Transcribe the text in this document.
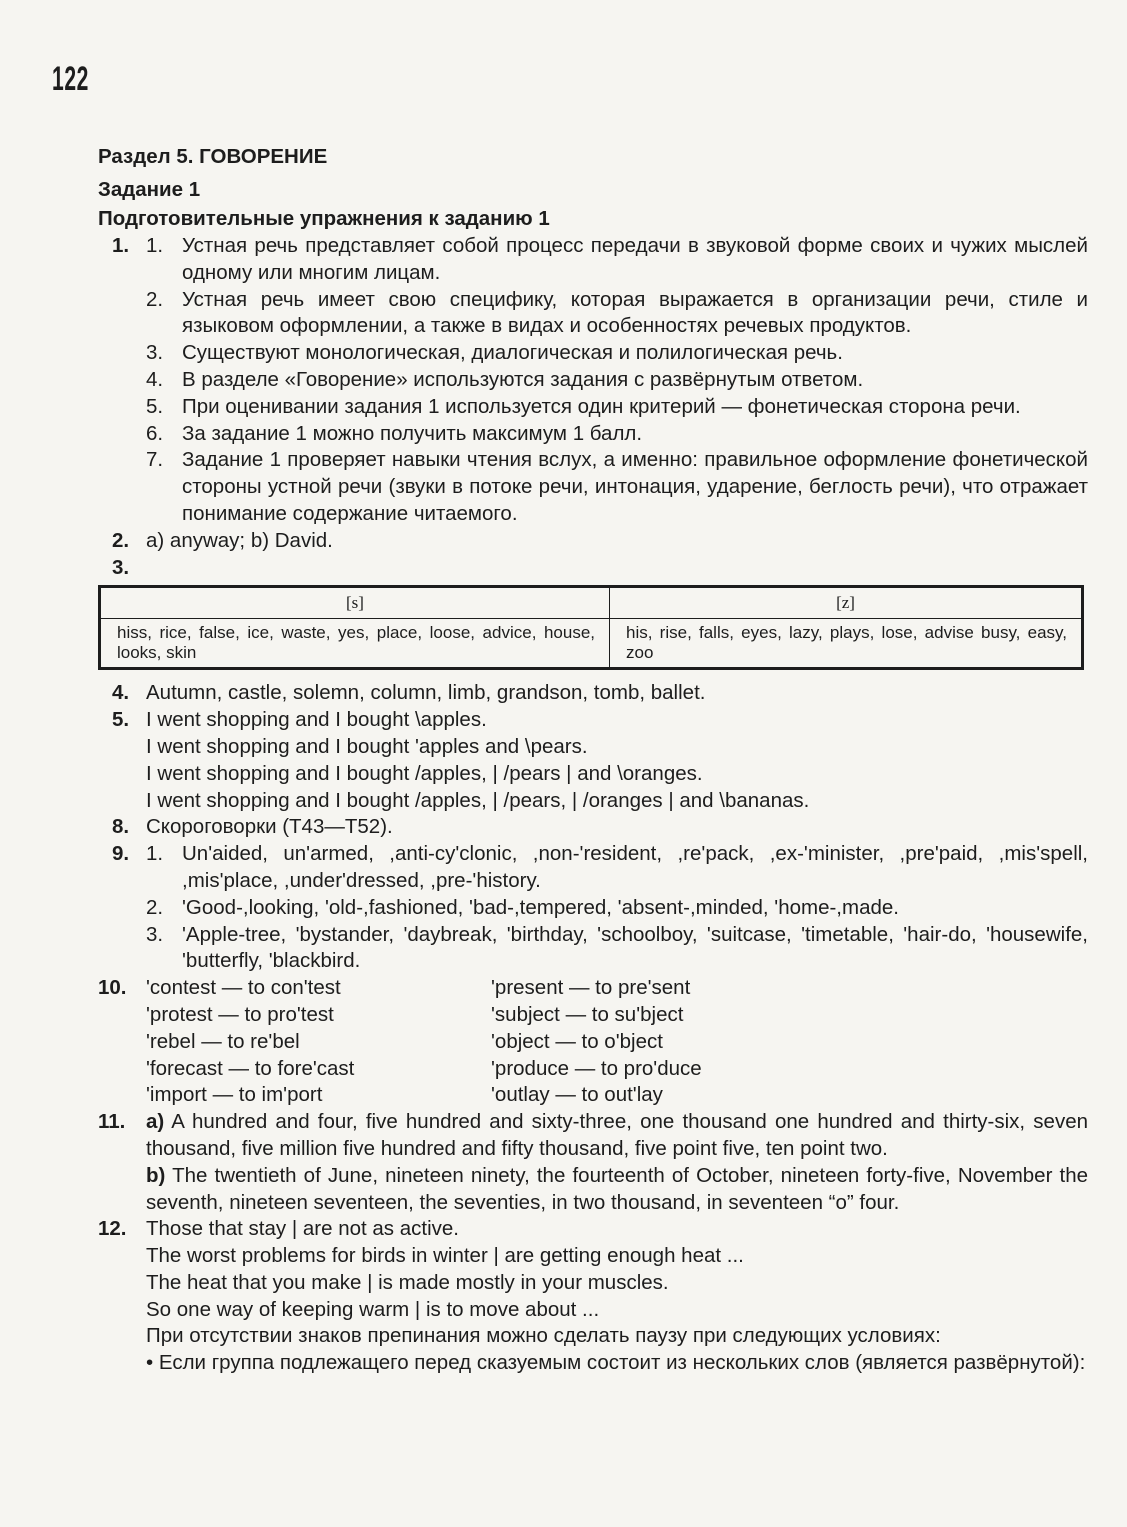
122
Раздел 5. ГОВОРЕНИЕ
Задание 1
Подготовительные упражнения к заданию 1
1. 1. Устная речь представляет собой процесс передачи в звуковой форме своих и чужих мыслей одному или многим лицам.
2. Устная речь имеет свою специфику, которая выражается в организации речи, стиле и языковом оформлении, а также в видах и особенностях речевых продуктов.
3. Существуют монологическая, диалогическая и полилогическая речь.
4. В разделе «Говорение» используются задания с развёрнутым ответом.
5. При оценивании задания 1 используется один критерий — фонетическая сторона речи.
6. За задание 1 можно получить максимум 1 балл.
7. Задание 1 проверяет навыки чтения вслух, а именно: правильное оформление фонетической стороны устной речи (звуки в потоке речи, интонация, ударение, беглость речи), что отражает понимание содержание читаемого.
2. a) anyway; b) David.
3.

[s]	[z]
hiss, rice, false, ice, waste, yes, place, loose, advice, house, looks, skin	his, rise, falls, eyes, lazy, plays, lose, advise busy, easy, zoo
4. Autumn, castle, solemn, column, limb, grandson, tomb, ballet.
5. I went shopping and I bought \apples.
I went shopping and I bought 'apples and \pears.
I went shopping and I bought /apples, | /pears | and \oranges.
I went shopping and I bought /apples, | /pears, | /oranges | and \bananas.
8. Скороговорки (Т43—Т52).
9. 1. Un'aided, un'armed, ,anti-cy'clonic, ,non-'resident, ,re'pack, ,ex-'minister, ,pre'paid, ,mis'spell, ,mis'place, ,under'dressed, ,pre-'history.
2. 'Good-,looking, 'old-,fashioned, 'bad-,tempered, 'absent-,minded, 'home-,made.
3. 'Apple-tree, 'bystander, 'daybreak, 'birthday, 'schoolboy, 'suitcase, 'timetable, 'hair-do, 'housewife, 'butterfly, 'blackbird.
10. 'contest — to con'test	'present — to pre'sent
'protest — to pro'test	'subject — to su'bject
'rebel — to re'bel	'object — to o'bject
'forecast — to fore'cast	'produce — to pro'duce
'import — to im'port	'outlay — to out'lay
11.	a) A hundred and four, five hundred and sixty-three, one thousand one hundred and thirty-six, seven thousand, five million five hundred and fifty thousand, five point five, ten point two.
b) The twentieth of June, nineteen ninety, the fourteenth of October, nineteen forty-five, November the seventh, nineteen seventeen, the seventies, in two thousand, in seventeen “o” four.
12. Those that stay | are not as active.
The worst problems for birds in winter | are getting enough heat ...
The heat that you make | is made mostly in your muscles.
So one way of keeping warm | is to move about ...
При отсутствии знаков препинания можно сделать паузу при следующих условиях:
• Если группа подлежащего перед сказуемым состоит из нескольких слов (является развёрнутой):
